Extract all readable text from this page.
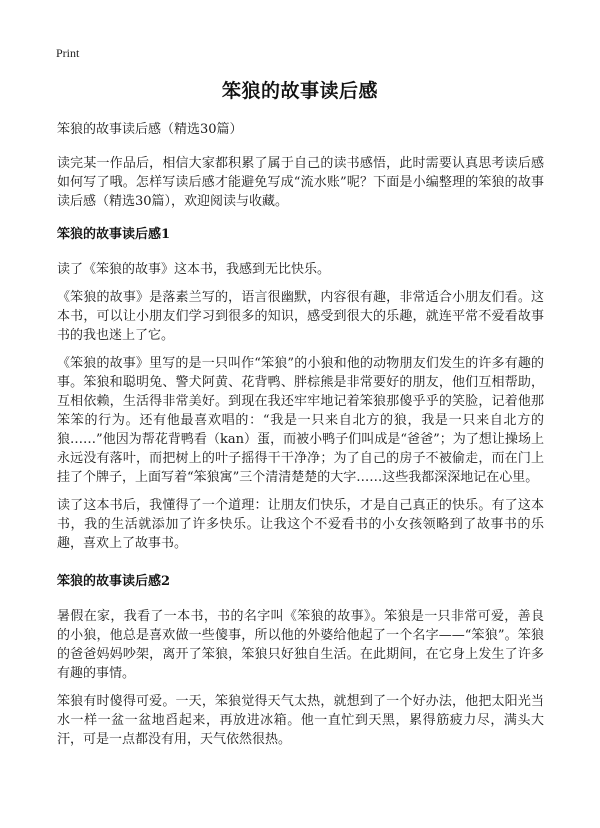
Print
笨狼的故事读后感

笨狼的故事读后感（精选30篇）

读完某一作品后，相信大家都积累了属于自己的读书感悟，此时需要认真思考读后感如何写了哦。怎样写读后感才能避免写成“流水账”呢？下面是小编整理的笨狼的故事读后感（精选30篇），欢迎阅读与收藏。

笨狼的故事读后感1

读了《笨狼的故事》这本书，我感到无比快乐。

《笨狼的故事》是落素兰写的，语言很幽默，内容很有趣，非常适合小朋友们看。这本书，可以让小朋友们学习到很多的知识，感受到很大的乐趣，就连平常不爱看故事书的我也迷上了它。

《笨狼的故事》里写的是一只叫作“笨狼”的小狼和他的动物朋友们发生的许多有趣的事。笨狼和聪明兔、警犬阿黄、花背鸭、胖棕熊是非常要好的朋友，他们互相帮助，互相依赖，生活得非常美好。到现在我还牢牢地记着笨狼那傻乎乎的笑脸，记着他那笨笨的行为。还有他最喜欢唱的：“我是一只来自北方的狼，我是一只来自北方的狼……”他因为帮花背鸭看（kan）蛋，而被小鸭子们叫成是“爸爸”；为了想让操场上永远没有落叶，而把树上的叶子摇得干干净净；为了自己的房子不被偷走，而在门上挂了个牌子，上面写着“笨狼寓”三个清清楚楚的大字……这些我都深深地记在心里。

读了这本书后，我懂得了一个道理：让朋友们快乐，才是自己真正的快乐。有了这本书，我的生活就添加了许多快乐。让我这个不爱看书的小女孩领略到了故事书的乐趣，喜欢上了故事书。

笨狼的故事读后感2

暑假在家，我看了一本书，书的名字叫《笨狼的故事》。笨狼是一只非常可爱，善良的小狼，他总是喜欢做一些傻事，所以他的外婆给他起了一个名字——“笨狼”。笨狼的爸爸妈妈吵架，离开了笨狼，笨狼只好独自生活。在此期间，在它身上发生了许多有趣的事情。

笨狼有时傻得可爱。一天，笨狼觉得天气太热，就想到了一个好办法，他把太阳光当水一样一盆一盆地舀起来，再放进冰箱。他一直忙到天黑，累得筋疲力尽，满头大汗，可是一点都没有用，天气依然很热。
